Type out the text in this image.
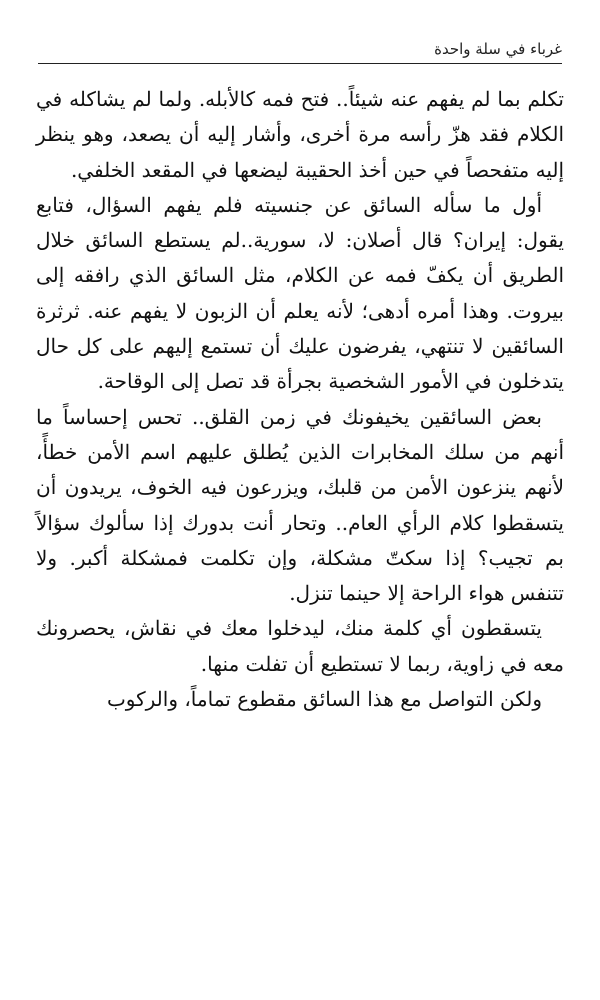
غرباء في سلة واحدة

تكلم بما لم يفهم عنه شيئاً.. فتح فمه كالأبله. ولما لم يشاكله في الكلام فقد هزّ رأسه مرة أخرى، وأشار إليه أن يصعد، وهو ينظر إليه متفحصاً في حين أخذ الحقيبة ليضعها في المقعد الخلفي.

أول ما سأله السائق عن جنسيته فلم يفهم السؤال، فتابع يقول: إيران؟ قال أصلان: لا، سورية..لم يستطع السائق خلال الطريق أن يكفّ فمه عن الكلام، مثل السائق الذي رافقه إلى بيروت. وهذا أمره أدهى؛ لأنه يعلم أن الزبون لا يفهم عنه. ثرثرة السائقين لا تنتهي، يفرضون عليك أن تستمع إليهم على كل حال يتدخلون في الأمور الشخصية بجرأة قد تصل إلى الوقاحة.

بعض السائقين يخيفونك في زمن القلق.. تحس إحساساً ما أنهم من سلك المخابرات الذين يُطلق عليهم اسم الأمن خطأً، لأنهم ينزعون الأمن من قلبك، ويزرعون فيه الخوف، يريدون أن يتسقطوا كلام الرأي العام.. وتحار أنت بدورك إذا سألوك سؤالاً بم تجيب؟ إذا سكتّ مشكلة، وإن تكلمت فمشكلة أكبر. ولا تتنفس هواء الراحة إلا حينما تنزل.

يتسقطون أي كلمة منك، ليدخلوا معك في نقاش، يحصرونك معه في زاوية، ربما لا تستطيع أن تفلت منها.

ولكن التواصل مع هذا السائق مقطوع تماماً، والركوب
